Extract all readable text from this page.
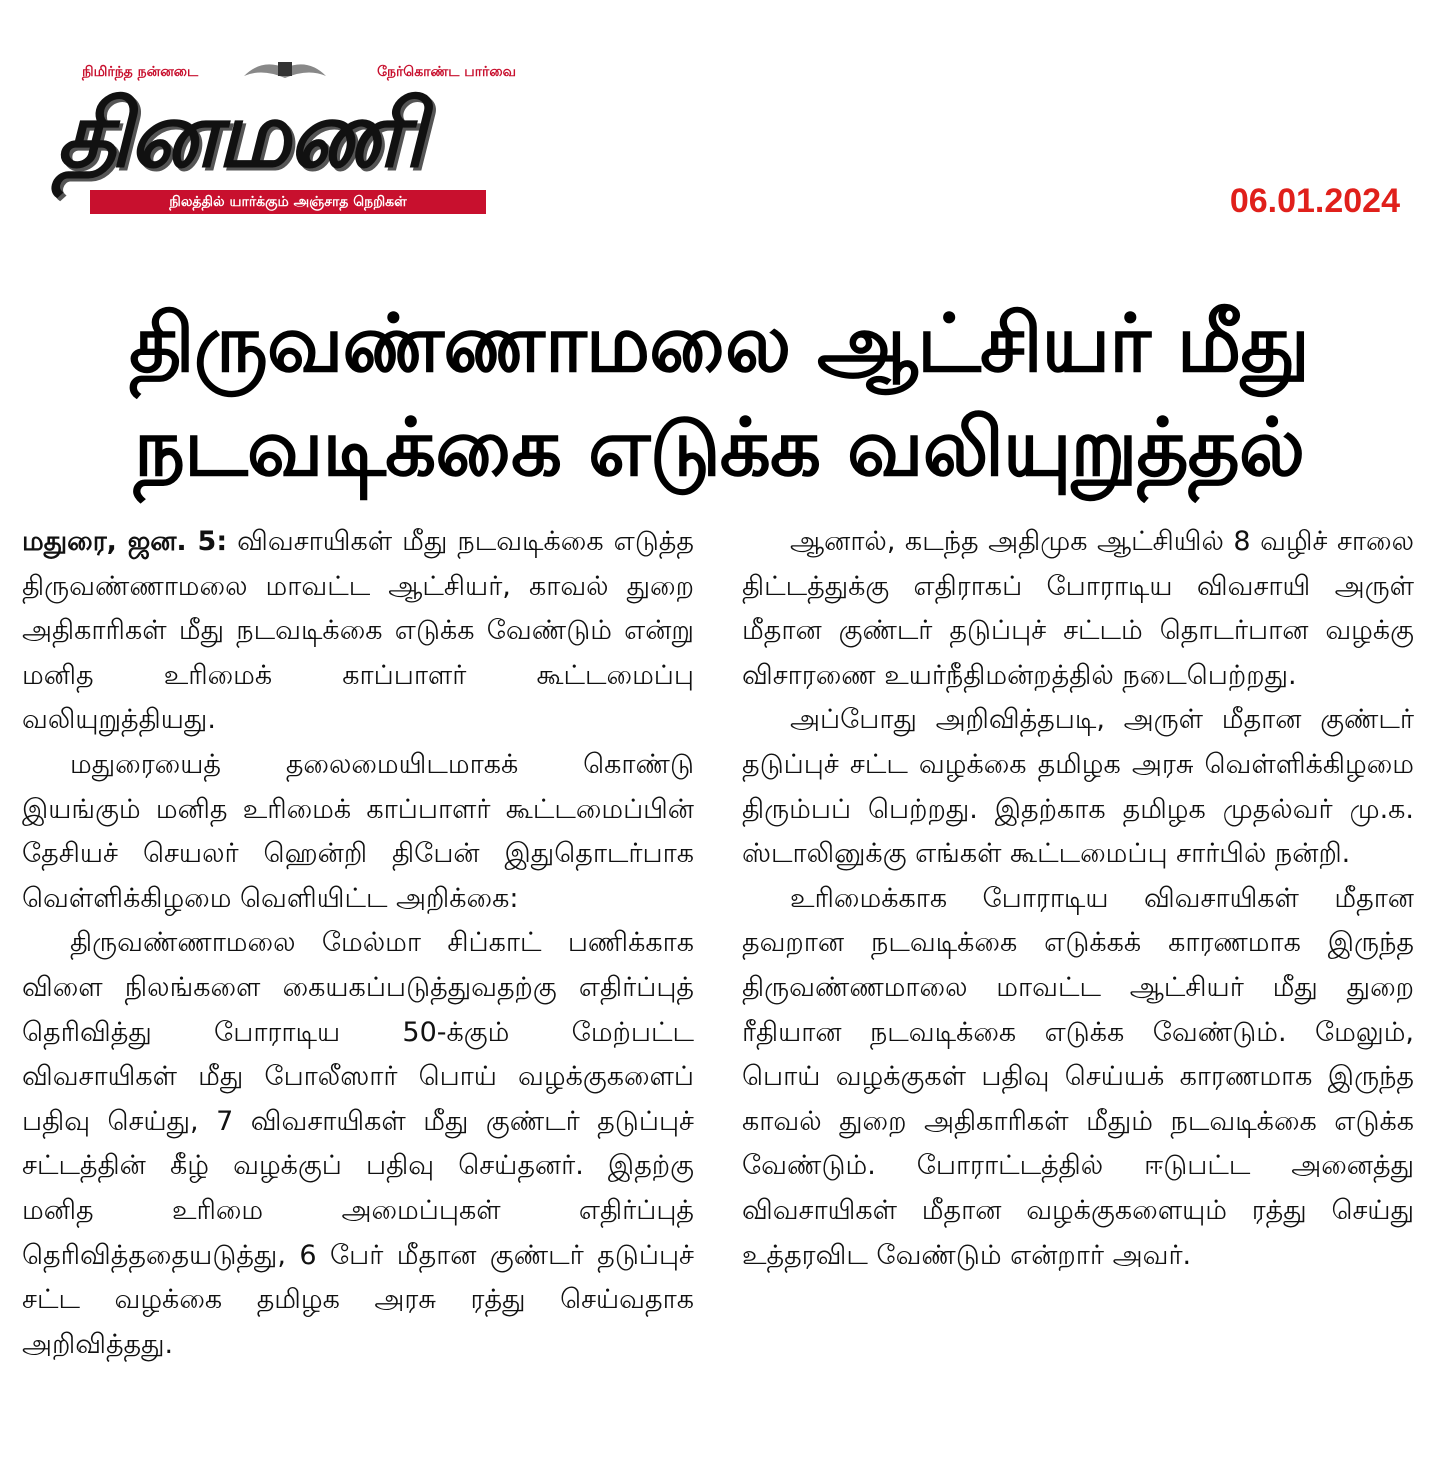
நிமிர்ந்த நன்னடை	நேர்கொண்ட பார்வை
தினமணி
நிலத்தில் யார்க்கும் அஞ்சாத நெறிகள்	06.01.2024
திருவண்ணாமலை ஆட்சியர் மீது
நடவடிக்கை எடுக்க வலியுறுத்தல்

மதுரை, ஜன. 5: விவசாயிகள் மீது நடவடிக்கை எடுத்த திருவண்ணாமலை மாவட்ட ஆட்சியர், காவல் துறை அதிகாரிகள் மீது நடவடிக்கை எடுக்க வேண்டும் என்று மனித உரிமைக் காப்பாளர் கூட்டமைப்பு வலியுறுத்தியது.

மதுரையைத் தலைமையிடமாகக் கொண்டு இயங்கும் மனித உரிமைக் காப்பாளர் கூட்டமைப்பின் தேசியச் செயலர் ஹென்றி திபேன் இதுதொடர்பாக வெள்ளிக்கிழமை வெளியிட்ட அறிக்கை:

திருவண்ணாமலை மேல்மா சிப்காட் பணிக்காக விளை நிலங்களை கையகப்படுத்துவதற்கு எதிர்ப்புத் தெரிவித்து போராடிய 50-க்கும் மேற்பட்ட விவசாயிகள் மீது போலீஸார் பொய் வழக்குகளைப் பதிவு செய்து, 7 விவசாயிகள் மீது குண்டர் தடுப்புச் சட்டத்தின் கீழ் வழக்குப் பதிவு செய்தனர். இதற்கு மனித உரிமை அமைப்புகள் எதிர்ப்புத் தெரிவித்ததையடுத்து, 6 பேர் மீதான குண்டர் தடுப்புச் சட்ட வழக்கை தமிழக அரசு ரத்து செய்வதாக அறிவித்தது.

ஆனால், கடந்த அதிமுக ஆட்சியில் 8 வழிச் சாலை திட்டத்துக்கு எதிராகப் போராடிய விவசாயி அருள் மீதான குண்டர் தடுப்புச் சட்டம் தொடர்பான வழக்கு விசாரணை உயர்நீதிமன்றத்தில் நடைபெற்றது.

அப்போது அறிவித்தபடி, அருள் மீதான குண்டர் தடுப்புச் சட்ட வழக்கை தமிழக அரசு வெள்ளிக்கிழமை திரும்பப் பெற்றது. இதற்காக தமிழக முதல்வர் மு.க. ஸ்டாலினுக்கு எங்கள் கூட்டமைப்பு சார்பில் நன்றி.

உரிமைக்காக போராடிய விவசாயிகள் மீதான தவறான நடவடிக்கை எடுக்கக் காரணமாக இருந்த திருவண்ணமாலை மாவட்ட ஆட்சியர் மீது துறை ரீதியான நடவடிக்கை எடுக்க வேண்டும். மேலும், பொய் வழக்குகள் பதிவு செய்யக் காரணமாக இருந்த காவல் துறை அதிகாரிகள் மீதும் நடவடிக்கை எடுக்க வேண்டும். போராட்டத்தில் ஈடுபட்ட அனைத்து விவசாயிகள் மீதான வழக்குகளையும் ரத்து செய்து உத்தரவிட வேண்டும் என்றார் அவர்.
